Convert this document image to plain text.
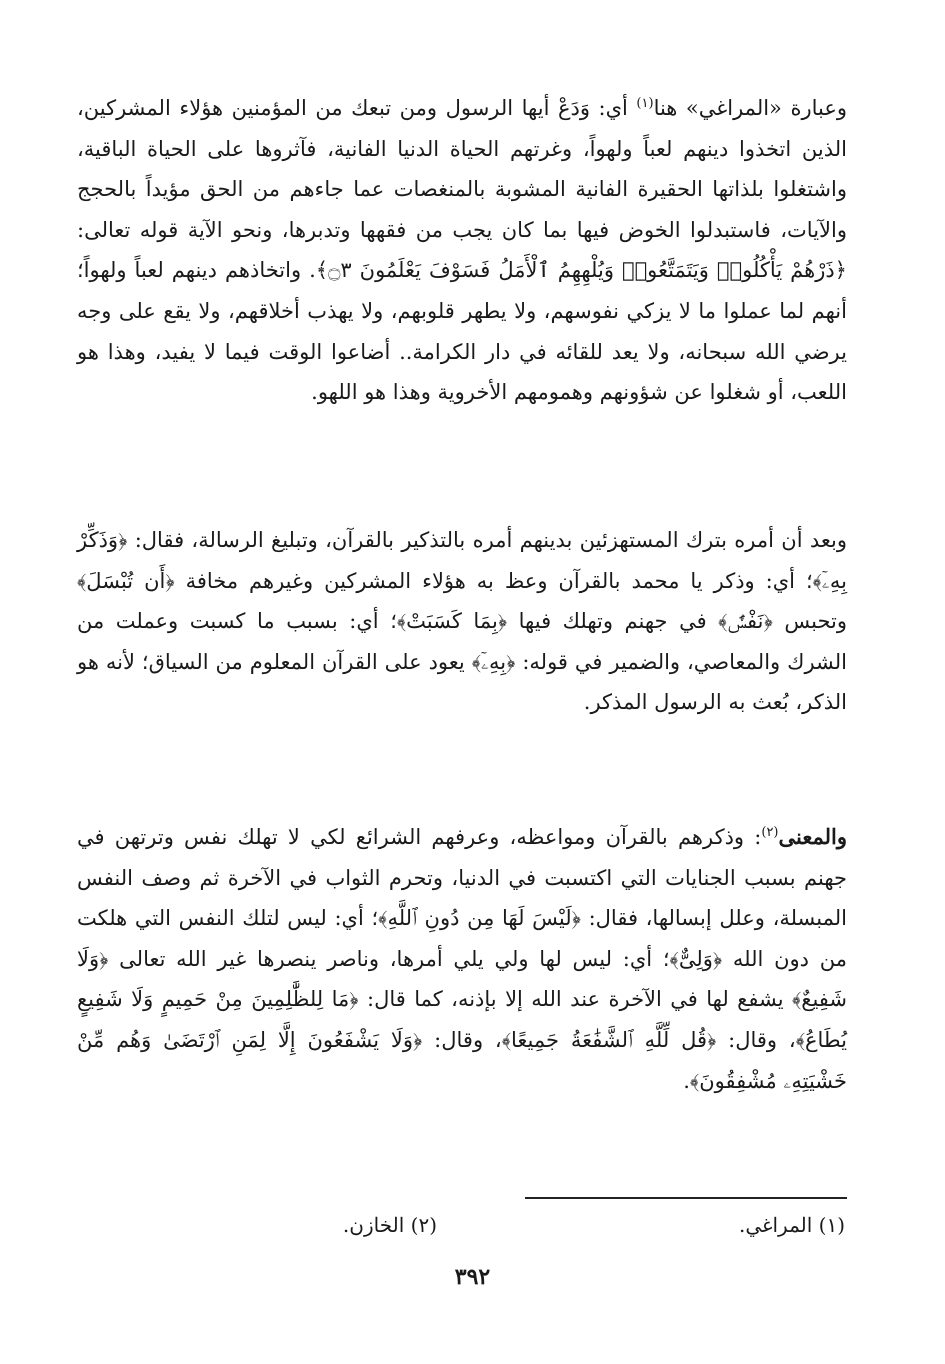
وعبارة «المراغي» هنا$^{(١)}$ أي: وَدَعْ أيها الرسول ومن تبعك من المؤمنين هؤلاء المشركين، الذين اتخذوا دينهم لعباً ولهواً، وغرتهم الحياة الدنيا الفانية، فآثروها على الحياة الباقية، واشتغلوا بلذاتها الحقيرة الفانية المشوبة بالمنغصات عما جاءهم من الحق مؤيداً بالحجج والآيات، فاستبدلوا الخوض فيها بما كان يجب من فقهها وتدبرها، ونحو الآية قوله تعالى: ﴿ذَرْهُمْ يَأْكُلُوا۟ وَيَتَمَتَّعُوا۟ وَيُلْهِهِمُ ٱلْأَمَلُ فَسَوْفَ يَعْلَمُونَ ۝٣﴾. واتخاذهم دينهم لعباً ولهواً؛ أنهم لما عملوا ما لا يزكي نفوسهم، ولا يطهر قلوبهم، ولا يهذب أخلاقهم، ولا يقع على وجه يرضي الله سبحانه، ولا يعد للقائه في دار الكرامة.. أضاعوا الوقت فيما لا يفيد، وهذا هو اللعب، أو شغلوا عن شؤونهم وهمومهم الأخروية وهذا هو اللهو.

وبعد أن أمره بترك المستهزئين بدينهم أمره بالتذكير بالقرآن، وتبليغ الرسالة، فقال: ﴿وَذَكِّرْ بِهِۦٓ﴾؛ أي: وذكر يا محمد بالقرآن وعظ به هؤلاء المشركين وغيرهم مخافة ﴿أَن تُبْسَلَ﴾ وتحبس ﴿نَفْسٌۢ﴾ في جهنم وتهلك فيها ﴿بِمَا كَسَبَتْ﴾؛ أي: بسبب ما كسبت وعملت من الشرك والمعاصي، والضمير في قوله: ﴿بِهِۦٓ﴾ يعود على القرآن المعلوم من السياق؛ لأنه هو الذكر، بُعث به الرسول المذكر.

والمعنى$^{(٢)}$: وذكرهم بالقرآن ومواعظه، وعرفهم الشرائع لكي لا تهلك نفس وترتهن في جهنم بسبب الجنايات التي اكتسبت في الدنيا، وتحرم الثواب في الآخرة ثم وصف النفس المبسلة، وعلل إبسالها، فقال: ﴿لَيْسَ لَهَا مِن دُونِ ٱللَّهِ﴾؛ أي: ليس لتلك النفس التي هلكت من دون الله ﴿وَلِىٌّ﴾؛ أي: ليس لها ولي يلي أمرها، وناصر ينصرها غير الله تعالى ﴿وَلَا شَفِيعٌ﴾ يشفع لها في الآخرة عند الله إلا بإذنه، كما قال: ﴿مَا لِلظَّٰلِمِينَ مِنْ حَمِيمٍ وَلَا شَفِيعٍ يُطَاعُ﴾، وقال: ﴿قُل لِّلَّهِ ٱلشَّفَٰعَةُ جَمِيعًا﴾، وقال: ﴿وَلَا يَشْفَعُونَ إِلَّا لِمَنِ ٱرْتَضَىٰ وَهُم مِّنْ خَشْيَتِهِۦ مُشْفِقُونَ﴾.

(١) المراغي.
(٢) الخازن.
٣٩٢
